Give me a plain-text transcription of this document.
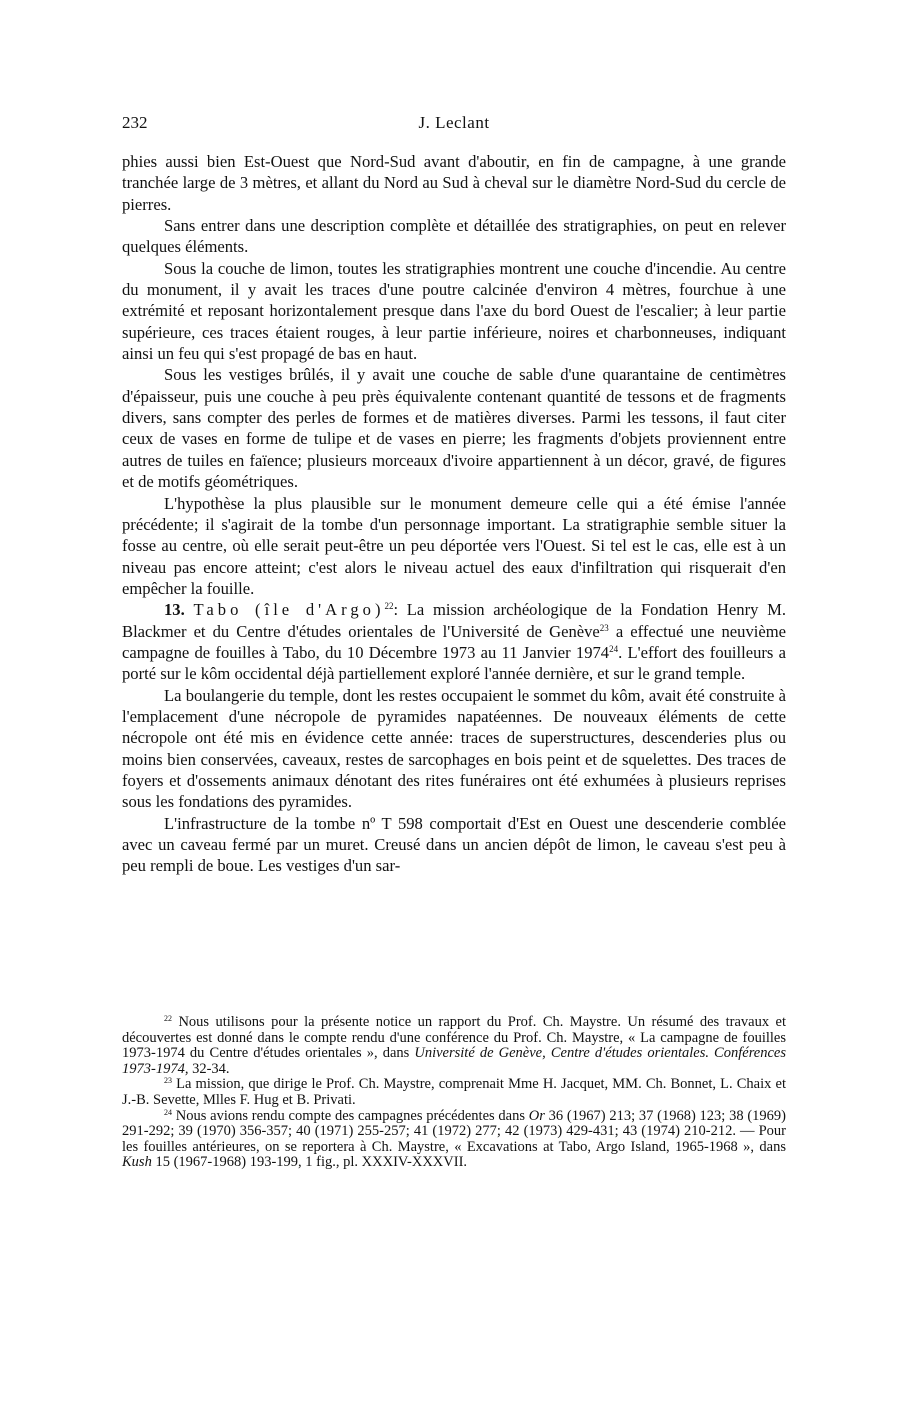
232	J. Leclant

phies aussi bien Est-Ouest que Nord-Sud avant d'aboutir, en fin de campagne, à une grande tranchée large de 3 mètres, et allant du Nord au Sud à cheval sur le diamètre Nord-Sud du cercle de pierres.

Sans entrer dans une description complète et détaillée des stratigraphies, on peut en relever quelques éléments.

Sous la couche de limon, toutes les stratigraphies montrent une couche d'incendie. Au centre du monument, il y avait les traces d'une poutre calcinée d'environ 4 mètres, fourchue à une extrémité et reposant horizontalement presque dans l'axe du bord Ouest de l'escalier; à leur partie supérieure, ces traces étaient rouges, à leur partie inférieure, noires et charbonneuses, indiquant ainsi un feu qui s'est propagé de bas en haut.

Sous les vestiges brûlés, il y avait une couche de sable d'une quarantaine de centimètres d'épaisseur, puis une couche à peu près équivalente contenant quantité de tessons et de fragments divers, sans compter des perles de formes et de matières diverses. Parmi les tessons, il faut citer ceux de vases en forme de tulipe et de vases en pierre; les fragments d'objets proviennent entre autres de tuiles en faïence; plusieurs morceaux d'ivoire appartiennent à un décor, gravé, de figures et de motifs géométriques.

L'hypothèse la plus plausible sur le monument demeure celle qui a été émise l'année précédente; il s'agirait de la tombe d'un personnage important. La stratigraphie semble situer la fosse au centre, où elle serait peut-être un peu déportée vers l'Ouest. Si tel est le cas, elle est à un niveau pas encore atteint; c'est alors le niveau actuel des eaux d'infiltration qui risquerait d'en empêcher la fouille.

13. Tabo (île d'Argo)$^{22}$: La mission archéologique de la Fondation Henry M. Blackmer et du Centre d'études orientales de l'Université de Genève$^{23}$ a effectué une neuvième campagne de fouilles à Tabo, du 10 Décembre 1973 au 11 Janvier 1974$^{24}$. L'effort des fouilleurs a porté sur le kôm occidental déjà partiellement exploré l'année dernière, et sur le grand temple.

La boulangerie du temple, dont les restes occupaient le sommet du kôm, avait été construite à l'emplacement d'une nécropole de pyramides napatéennes. De nouveaux éléments de cette nécropole ont été mis en évidence cette année: traces de superstructures, descenderies plus ou moins bien conservées, caveaux, restes de sarcophages en bois peint et de squelettes. Des traces de foyers et d'ossements animaux dénotant des rites funéraires ont été exhumées à plusieurs reprises sous les fondations des pyramides.

L'infrastructure de la tombe nº T 598 comportait d'Est en Ouest une descenderie comblée avec un caveau fermé par un muret. Creusé dans un ancien dépôt de limon, le caveau s'est peu à peu rempli de boue. Les vestiges d'un sar-

$^{22}$ Nous utilisons pour la présente notice un rapport du Prof. Ch. Maystre. Un résumé des travaux et découvertes est donné dans le compte rendu d'une conférence du Prof. Ch. Maystre, « La campagne de fouilles 1973-1974 du Centre d'études orientales », dans Université de Genève, Centre d'études orientales. Conférences 1973-1974, 32-34.

$^{23}$ La mission, que dirige le Prof. Ch. Maystre, comprenait Mme H. Jacquet, MM. Ch. Bonnet, L. Chaix et J.-B. Sevette, Mlles F. Hug et B. Privati.

$^{24}$ Nous avions rendu compte des campagnes précédentes dans Or 36 (1967) 213; 37 (1968) 123; 38 (1969) 291-292; 39 (1970) 356-357; 40 (1971) 255-257; 41 (1972) 277; 42 (1973) 429-431; 43 (1974) 210-212. — Pour les fouilles antérieures, on se reportera à Ch. Maystre, « Excavations at Tabo, Argo Island, 1965-1968 », dans Kush 15 (1967-1968) 193-199, 1 fig., pl. XXXIV-XXXVII.
